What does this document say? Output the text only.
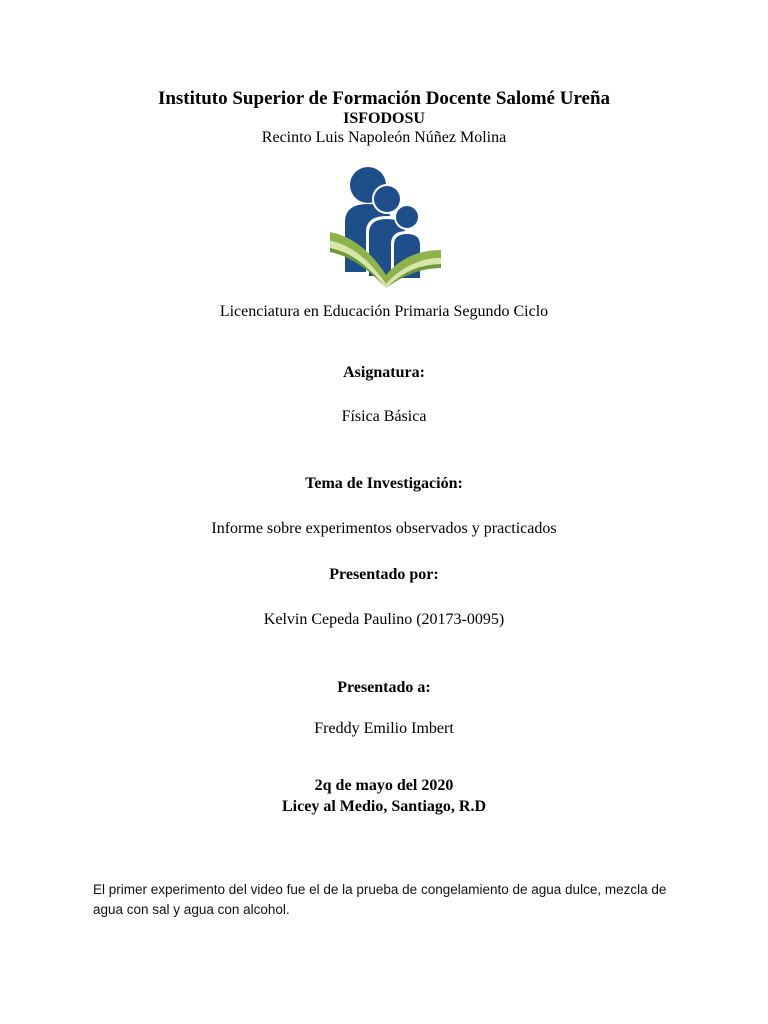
Instituto Superior de Formación Docente Salomé Ureña
ISFODOSU
Recinto Luis Napoleón Núñez Molina
Licenciatura en Educación Primaria Segundo Ciclo
Asignatura:
Física Básica
Tema de Investigación:
Informe sobre experimentos observados y practicados
Presentado por:
Kelvin Cepeda Paulino (20173-0095)
Presentado a:
Freddy Emilio Imbert
2q de mayo del 2020
Licey al Medio, Santiago, R.D
El primer experimento del video fue el de la prueba de congelamiento de agua dulce, mezcla de agua con sal y agua con alcohol.
